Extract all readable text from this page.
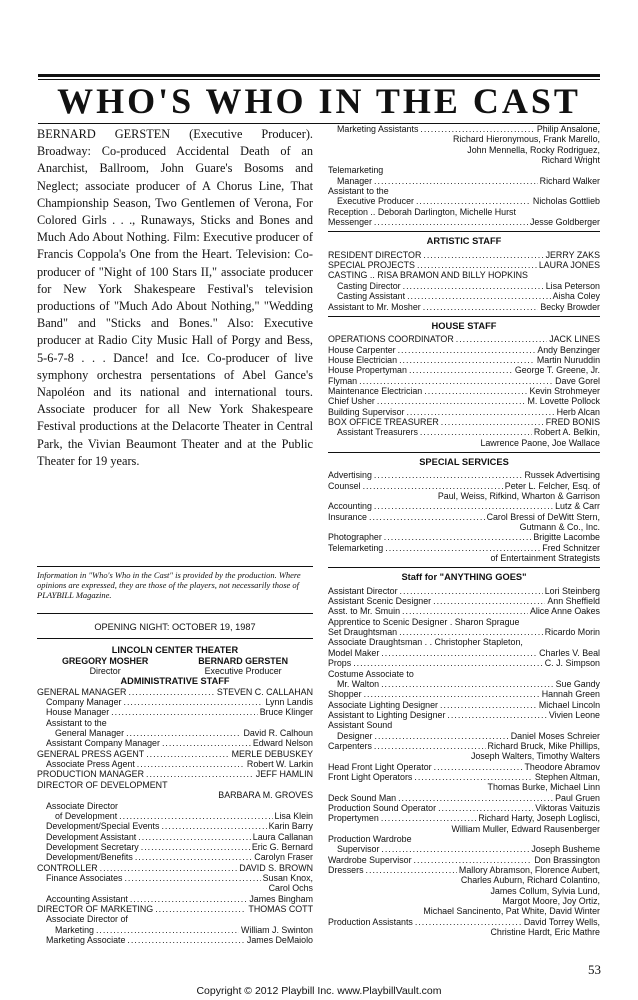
WHO'S WHO IN THE CAST

BERNARD GERSTEN (Executive Producer). Broadway: Co-produced Accidental Death of an Anarchist, Ballroom, John Guare's Bosoms and Neglect; associate producer of A Chorus Line, That Championship Season, Two Gentlemen of Verona, For Colored Girls . . ., Runaways, Sticks and Bones and Much Ado About Nothing. Film: Executive producer of Francis Coppola's One from the Heart. Television: Co-producer of "Night of 100 Stars II," associate producer for New York Shakespeare Festival's television productions of "Much Ado About Nothing," "Wedding Band" and "Sticks and Bones." Also: Executive producer at Radio City Music Hall of Porgy and Bess, 5-6-7-8 . . . Dance! and Ice. Co-producer of live symphony orchestra persentations of Abel Gance's Napoléon and its national and international tours. Associate producer for all New York Shakespeare Festival productions at the Delacorte Theater in Central Park, the Vivian Beaumont Theater and at the Public Theater for 19 years.

Information in "Who's Who in the Cast" is provided by the production. Where opinions are expressed, they are those of the players, not necessarily those of PLAYBILL Magazine.
OPENING NIGHT: OCTOBER 19, 1987
LINCOLN CENTER THEATER
GREGORY MOSHER
Director
BERNARD GERSTEN
Executive Producer
ADMINISTRATIVE STAFF
GENERAL MANAGER .....	STEVEN C. CALLAHAN
Company Manager .....	Lynn Landis
House Manager .....	Bruce Klinger
Assistant to the
General Manager .....	David R. Calhoun
Assistant Company Manager .....	Edward Nelson
GENERAL PRESS AGENT .....	MERLE DEBUSKEY
Associate Press Agent .....	Robert W. Larkin
PRODUCTION MANAGER .....	JEFF HAMLIN
DIRECTOR OF DEVELOPMENT
BARBARA M. GROVES
Associate Director
of Development .....	Lisa Klein
Development/Special Events .....	Karin Barry
Development Assistant .....	Laura Callanan
Development Secretary .....	Eric G. Bernard
Development/Benefits .....	Carolyn Fraser
CONTROLLER .....	DAVID S. BROWN
Finance Associates .....	Susan Knox,
Carol Ochs
Accounting Assistant .....	James Bingham
DIRECTOR OF MARKETING .....	THOMAS COTT
Associate Director of
Marketing .....	William J. Swinton
Marketing Associate .....	James DeMaiolo
Marketing Assistants .....	Philip Ansalone,
Richard Hieronymous, Frank Marello,
John Mennella, Rocky Rodriguez,
Richard Wright
Telemarketing
Manager .....	Richard Walker
Assistant to the
Executive Producer .....	Nicholas Gottlieb
Reception .. Deborah Darlington, Michelle Hurst
Messenger .....	Jesse Goldberger
ARTISTIC STAFF
RESIDENT DIRECTOR .....	JERRY ZAKS
SPECIAL PROJECTS .....	LAURA JONES
CASTING .. RISA BRAMON AND BILLY HOPKINS
Casting Director .....	Lisa Peterson
Casting Assistant .....	Aisha Coley
Assistant to Mr. Mosher .....	Becky Browder
HOUSE STAFF
OPERATIONS COORDINATOR .....	JACK LINES
House Carpenter .....	Andy Benzinger
House Electrician .....	Martin Nuruddin
House Propertyman .....	George T. Greene, Jr.
Flyman .....	Dave Gorel
Maintenance Electrician .....	Kevin Strohmeyer
Chief Usher .....	M. Lovette Pollock
Building Supervisor .....	Herb Alcan
BOX OFFICE TREASURER .....	FRED BONIS
Assistant Treasurers .....	Robert A. Belkin,
Lawrence Paone, Joe Wallace
SPECIAL SERVICES
Advertising .....	Russek Advertising
Counsel .....	Peter L. Felcher, Esq. of
Paul, Weiss, Rifkind, Wharton & Garrison
Accounting .....	Lutz & Carr
Insurance .....	Carol Bressi of DeWitt Stern,
Gutmann & Co., Inc.
Photographer .....	Brigitte Lacombe
Telemarketing .....	Fred Schnitzer
of Entertainment Strategists
Staff for "ANYTHING GOES"
Assistant Director .....	Lori Steinberg
Assistant Scenic Designer .....	Ann Sheffield
Asst. to Mr. Smuin .....	Alice Anne Oakes
Apprentice to Scenic Designer . Sharon Sprague
Set Draughtsman .....	Ricardo Morin
Associate Draughtsman . . Christopher Stapleton,
Model Maker .....	Charles V. Beal
Props .....	C. J. Simpson
Costume Associate to
Mr. Walton .....	Sue Gandy
Shopper .....	Hannah Green
Associate Lighting Designer .....	Michael Lincoln
Assistant to Lighting Designer .....	Vivien Leone
Assistant Sound
Designer .....	Daniel Moses Schreier
Carpenters .....	Richard Bruck, Mike Phillips,
Joseph Walters, Timothy Walters
Head Front Light Operator .....	Theodore Abramov
Front Light Operators .....	Stephen Altman,
Thomas Burke, Michael Linn
Deck Sound Man .....	Paul Gruen
Production Sound Operator .....	Viktoras Vaituzis
Propertymen .....	Richard Harty, Joseph Loglisci,
William Muller, Edward Rausenberger
Production Wardrobe
Supervisor .....	Joseph Busheme
Wardrobe Supervisor .....	Don Brassington
Dressers .....	Mallory Abramson, Florence Aubert,
Charles Auburn, Richard Colantino,
James Collum, Sylvia Lund,
Margot Moore, Joy Ortiz,
Michael Sancinento, Pat White, David Winter
Production Assistants .....	David Torrey Wells,
Christine Hardt, Eric Mathre
53
Copyright © 2012 Playbill Inc. www.PlaybillVault.com
